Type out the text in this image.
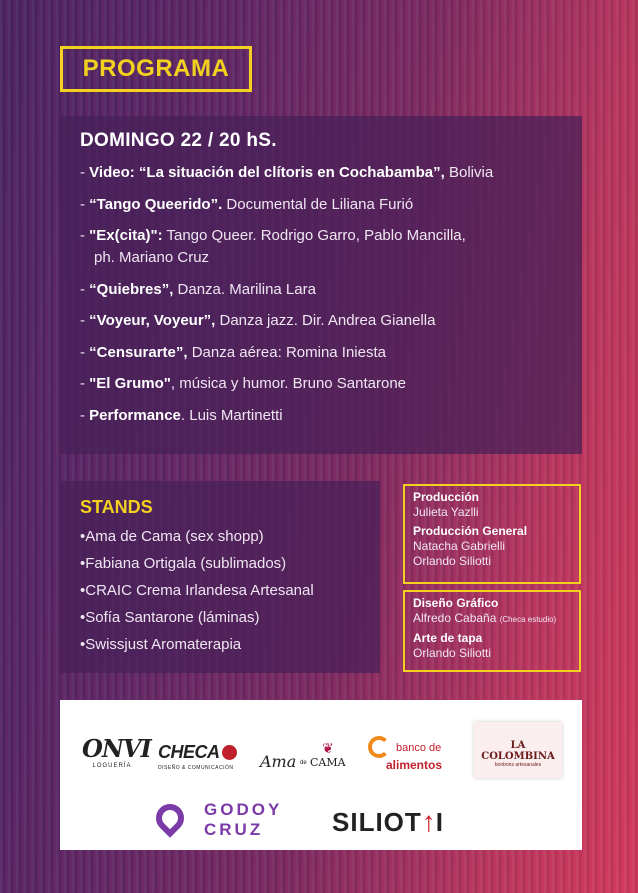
PROGRAMA
DOMINGO 22 / 20 hS.
- Video: “La situación del clítoris en Cochabamba”, Bolivia
- “Tango Queerido”. Documental de Liliana Furió
- "Ex(cita)": Tango Queer. Rodrigo Garro, Pablo Mancilla,
ph. Mariano Cruz
- “Quiebres”, Danza. Marilina Lara
- “Voyeur, Voyeur”, Danza jazz. Dir. Andrea Gianella
- “Censurarte”, Danza aérea: Romina Iniesta
- "El Grumo", música y humor. Bruno Santarone
- Performance. Luis Martinetti
STANDS
•Ama de Cama (sex shopp)
•Fabiana Ortigala (sublimados)
•CRAIC Crema Irlandesa Artesanal
•Sofía Santarone (láminas)
•Swissjust Aromaterapia
Producción
Julieta Yazlli
Producción General
Natacha Gabrielli
Orlando Siliotti
Diseño Gráfico
Alfredo Cabaña (Checa estudio)
Arte de tapa
Orlando Siliotti
ONVI
LOGUERÍA
CHECA
DISEÑO & COMUNICACIÓN
❦
Ama de CAMA
banco de
alimentos
LA COLOMBINA
bonbons artesanales
GODOY
CRUZ	SILIOT ↑ I
